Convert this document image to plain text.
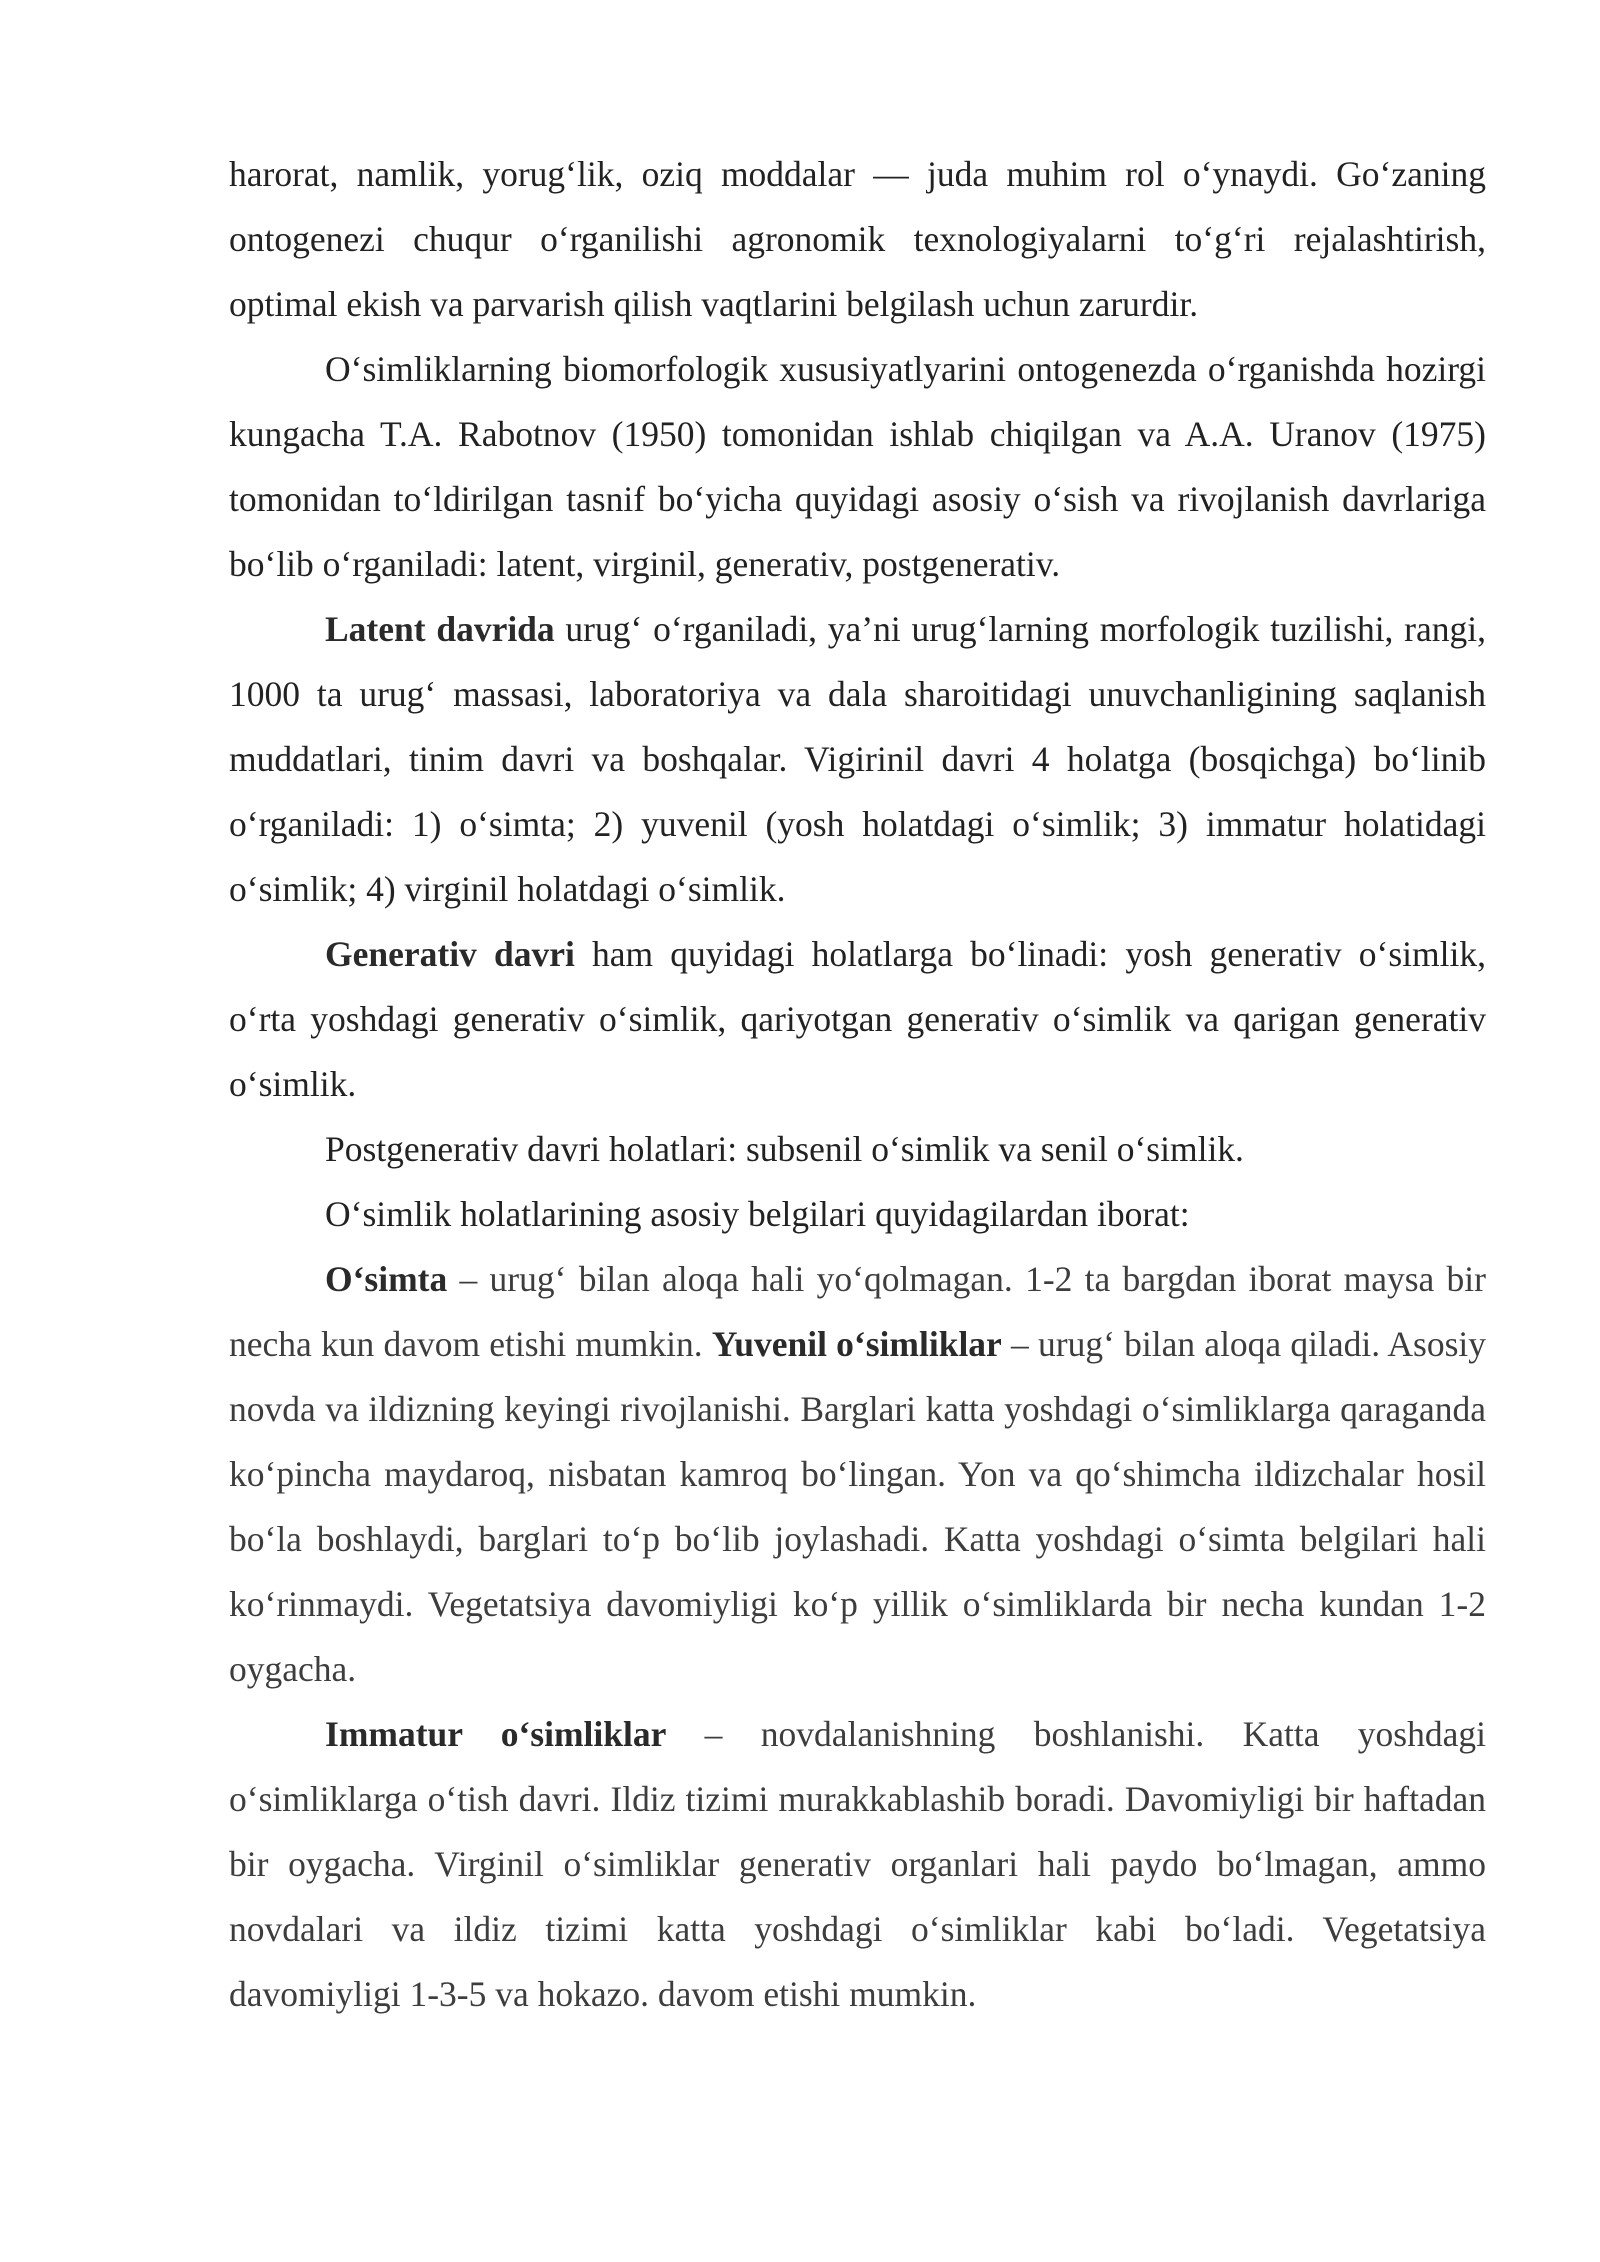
harorat, namlik, yorug‘lik, oziq moddalar — juda muhim rol o‘ynaydi. Go‘zaning ontogenezi chuqur o‘rganilishi agronomik texnologiyalarni to‘g‘ri rejalashtirish, optimal ekish va parvarish qilish vaqtlarini belgilash uchun zarurdir.

O‘simliklarning biomorfologik xususiyatlyarini ontogenezda o‘rganishda hozirgi kungacha T.A. Rabotnov (1950) tomonidan ishlab chiqilgan va A.A. Uranov (1975) tomonidan to‘ldirilgan tasnif bo‘yicha quyidagi asosiy o‘sish va rivojlanish davrlariga bo‘lib o‘rganiladi: latent, virginil, generativ, postgenerativ.

Latent davrida urug‘ o‘rganiladi, ya’ni urug‘larning morfologik tuzilishi, rangi, 1000 ta urug‘ massasi, laboratoriya va dala sharoitidagi unuvchanligining saqlanish muddatlari, tinim davri va boshqalar. Vigirinil davri 4 holatga (bosqichga) bo‘linib o‘rganiladi: 1) o‘simta; 2) yuvenil (yosh holatdagi o‘simlik; 3) immatur holatidagi o‘simlik; 4) virginil holatdagi o‘simlik.

Generativ davri ham quyidagi holatlarga bo‘linadi: yosh generativ o‘simlik, o‘rta yoshdagi generativ o‘simlik, qariyotgan generativ o‘simlik va qarigan generativ o‘simlik.

Postgenerativ davri holatlari: subsenil o‘simlik va senil o‘simlik.

O‘simlik holatlarining asosiy belgilari quyidagilardan iborat:

O‘simta – urug‘ bilan aloqa hali yo‘qolmagan. 1-2 ta bargdan iborat maysa bir necha kun davom etishi mumkin. Yuvenil o‘simliklar – urug‘ bilan aloqa qiladi. Asosiy novda va ildizning keyingi rivojlanishi. Barglari katta yoshdagi o‘simliklarga qaraganda ko‘pincha maydaroq, nisbatan kamroq bo‘lingan. Yon va qo‘shimcha ildizchalar hosil bo‘la boshlaydi, barglari to‘p bo‘lib joylashadi. Katta yoshdagi o‘simta belgilari hali ko‘rinmaydi. Vegetatsiya davomiyligi ko‘p yillik o‘simliklarda bir necha kundan 1-2 oygacha.

Immatur o‘simliklar – novdalanishning boshlanishi. Katta yoshdagi o‘simliklarga o‘tish davri. Ildiz tizimi murakkablashib boradi. Davomiyligi bir haftadan bir oygacha. Virginil o‘simliklar generativ organlari hali paydo bo‘lmagan, ammo novdalari va ildiz tizimi katta yoshdagi o‘simliklar kabi bo‘ladi. Vegetatsiya davomiyligi 1-3-5 va hokazo. davom etishi mumkin.
